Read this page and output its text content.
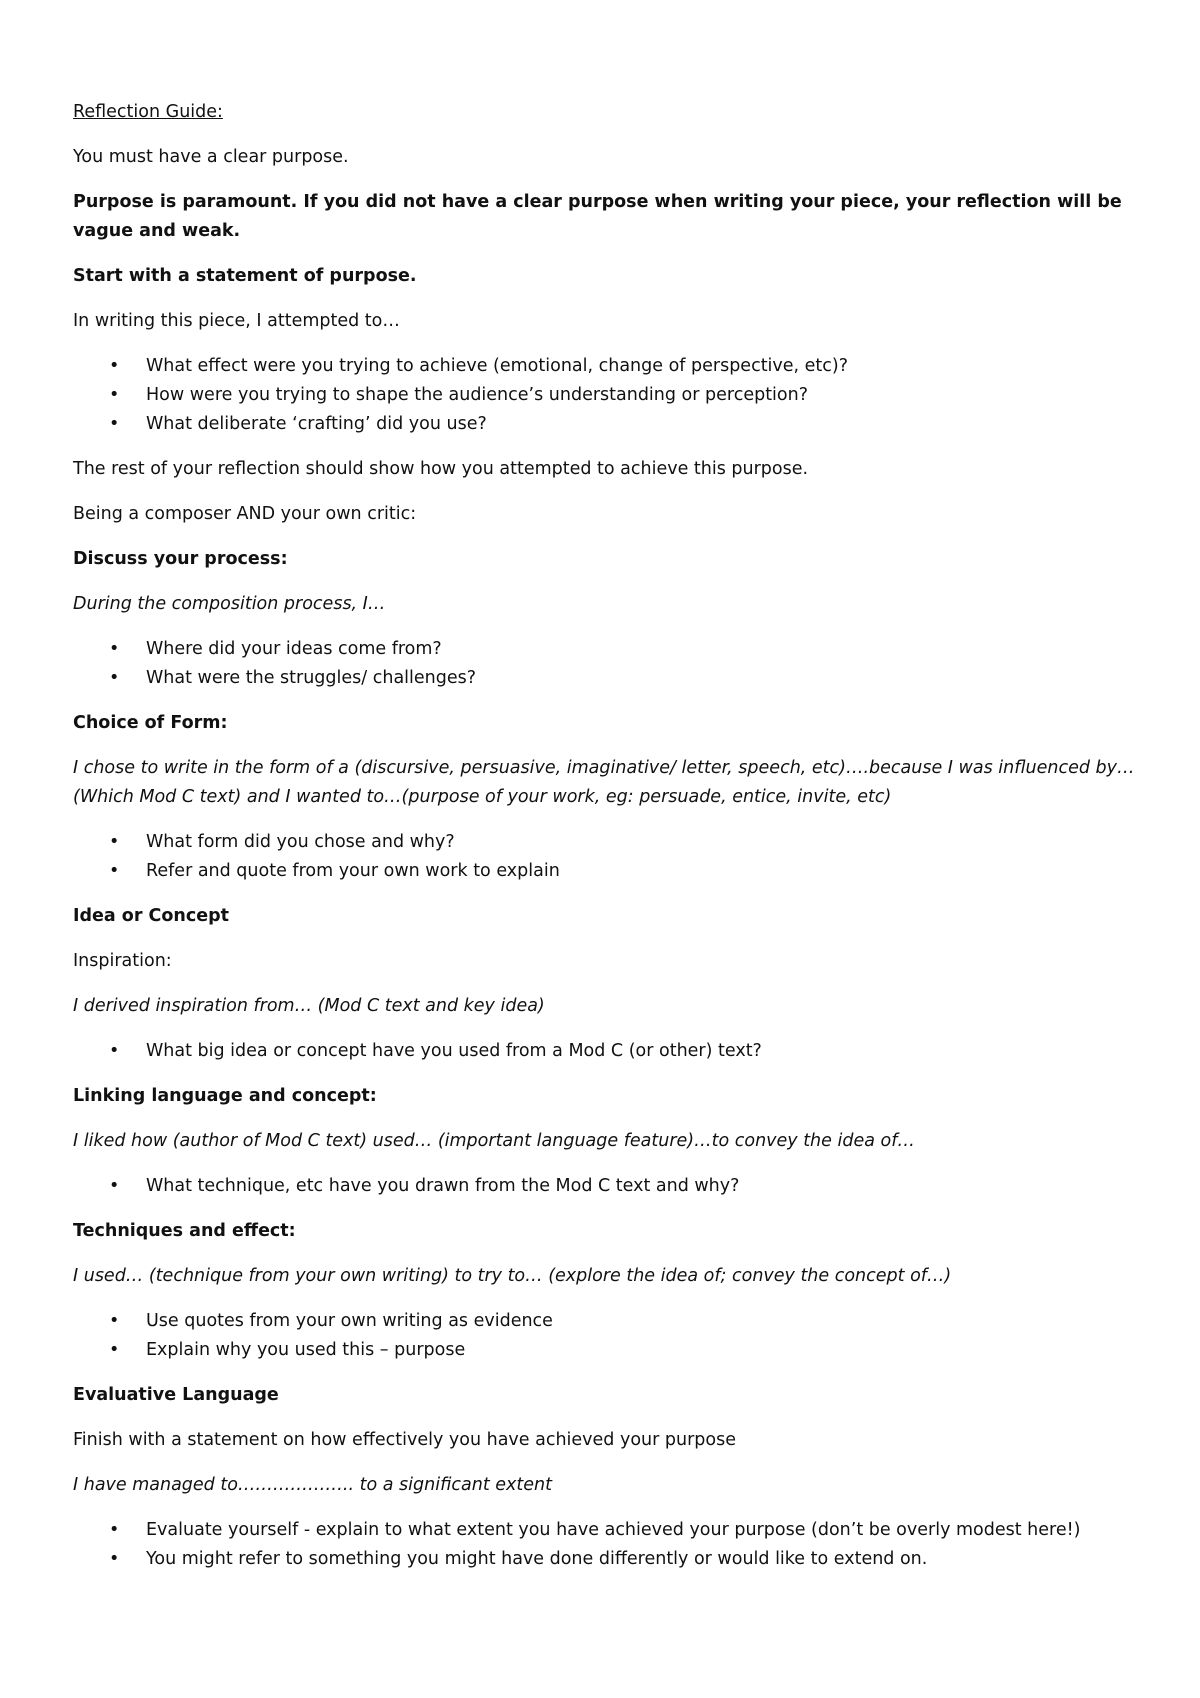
Reflection Guide:

You must have a clear purpose.

Purpose is paramount. If you did not have a clear purpose when writing your piece, your reflection will be vague and weak.

Start with a statement of purpose.

In writing this piece, I attempted to…

• What effect were you trying to achieve (emotional, change of perspective, etc)?
• How were you trying to shape the audience’s understanding or perception?
• What deliberate ‘crafting’ did you use?

The rest of your reflection should show how you attempted to achieve this purpose.

Being a composer AND your own critic:

Discuss your process:

During the composition process, I…

• Where did your ideas come from?
• What were the struggles/ challenges?

Choice of Form:

I chose to write in the form of a (discursive, persuasive, imaginative/ letter, speech, etc)….because I was influenced by… (Which Mod C text) and I wanted to…(purpose of your work, eg: persuade, entice, invite, etc)

• What form did you chose and why?
• Refer and quote from your own work to explain

Idea or Concept

Inspiration:

I derived inspiration from… (Mod C text and key idea)

• What big idea or concept have you used from a Mod C (or other) text?

Linking language and concept:

I liked how (author of Mod C text) used… (important language feature)…to convey the idea of…

• What technique, etc have you drawn from the Mod C text and why?

Techniques and effect:

I used… (technique from your own writing) to try to… (explore the idea of; convey the concept of…)

• Use quotes from your own writing as evidence
• Explain why you used this – purpose

Evaluative Language

Finish with a statement on how effectively you have achieved your purpose

I have managed to……………….. to a significant extent

• Evaluate yourself - explain to what extent you have achieved your purpose (don’t be overly modest here!)
• You might refer to something you might have done differently or would like to extend on.
